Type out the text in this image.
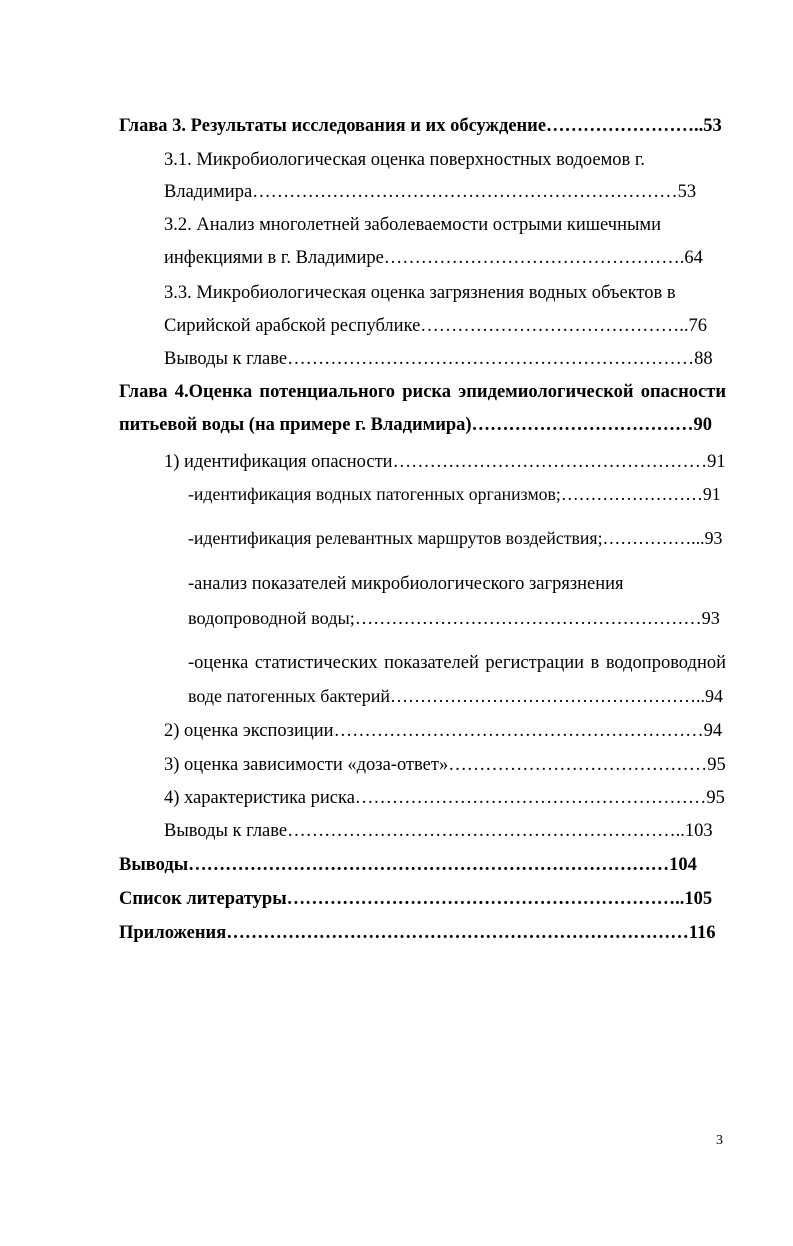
Глава 3. Результаты исследования и их обсуждение……………………..53
3.1. Микробиологическая оценка поверхностных водоемов г.
Владимира……………………………………………………………53
3.2. Анализ многолетней заболеваемости острыми кишечными
инфекциями в г. Владимире………………………………………….64
3.3. Микробиологическая оценка загрязнения водных объектов в
Сирийской арабской республике……………………………………..76
Выводы к главе…………………………………………………………88
Глава 4.Оценка потенциального риска эпидемиологической опасности
питьевой воды (на примере г. Владимира)………………………………90
1) идентификация опасности……………………………………………91
-идентификация водных патогенных организмов;……………………91
-идентификация релевантных маршрутов воздействия;……………...93
-анализ показателей микробиологического загрязнения
водопроводной воды;…………………………………………………93
-оценка статистических показателей регистрации в водопроводной
воде патогенных бактерий……………………………………………..94
2) оценка экспозиции……………………………………………………94
3) оценка зависимости «доза-ответ»……………………………………95
4) характеристика риска…………………………………………………95
Выводы к главе………………………………………………………..103
Выводы……………………………………………………………………104
Список литературы………………………………………………………..105
Приложения…………………………………………………………………116
3
